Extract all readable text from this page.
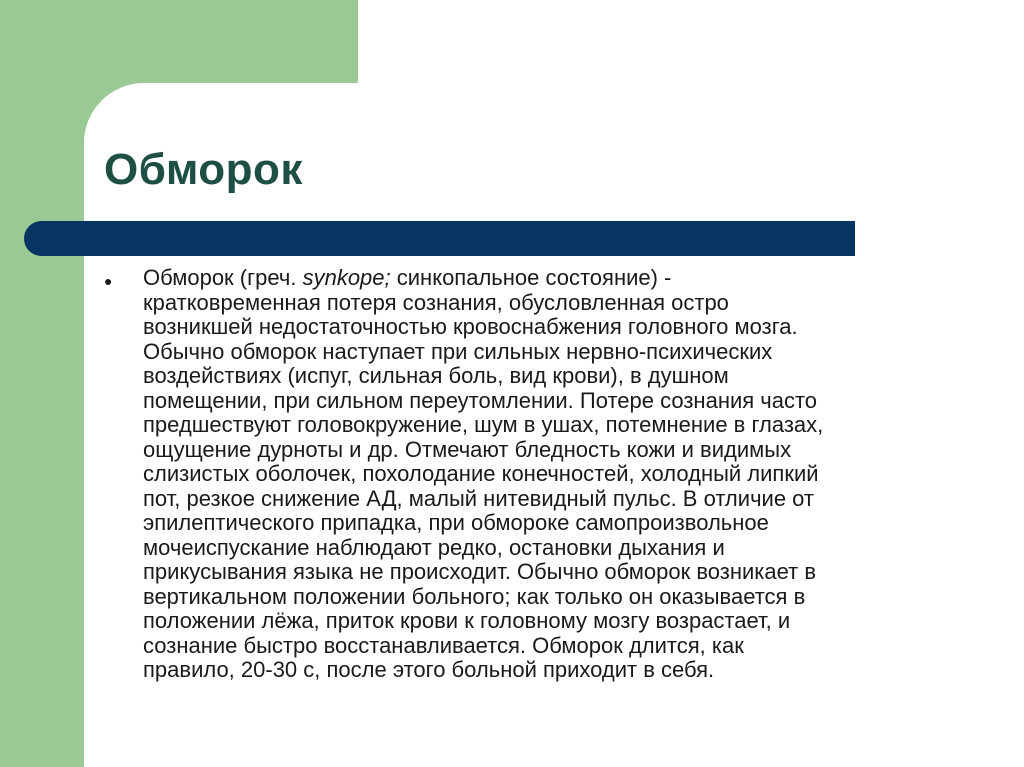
Обморок
● Обморок (греч. synkope; синкопальное состояние) -
кратковременная потеря сознания, обусловленная остро
возникшей недостаточностью кровоснабжения головного мозга.
Обычно обморок наступает при сильных нервно-психических
воздействиях (испуг, сильная боль, вид крови), в душном
помещении, при сильном переутомлении. Потере сознания часто
предшествуют головокружение, шум в ушах, потемнение в глазах,
ощущение дурноты и др. Отмечают бледность кожи и видимых
слизистых оболочек, похолодание конечностей, холодный липкий
пот, резкое снижение АД, малый нитевидный пульс. В отличие от
эпилептического припадка, при обмороке самопроизвольное
мочеиспускание наблюдают редко, остановки дыхания и
прикусывания языка не происходит. Обычно обморок возникает в
вертикальном положении больного; как только он оказывается в
положении лёжа, приток крови к головному мозгу возрастает, и
сознание быстро восстанавливается. Обморок длится, как
правило, 20-30 с, после этого больной приходит в себя.
